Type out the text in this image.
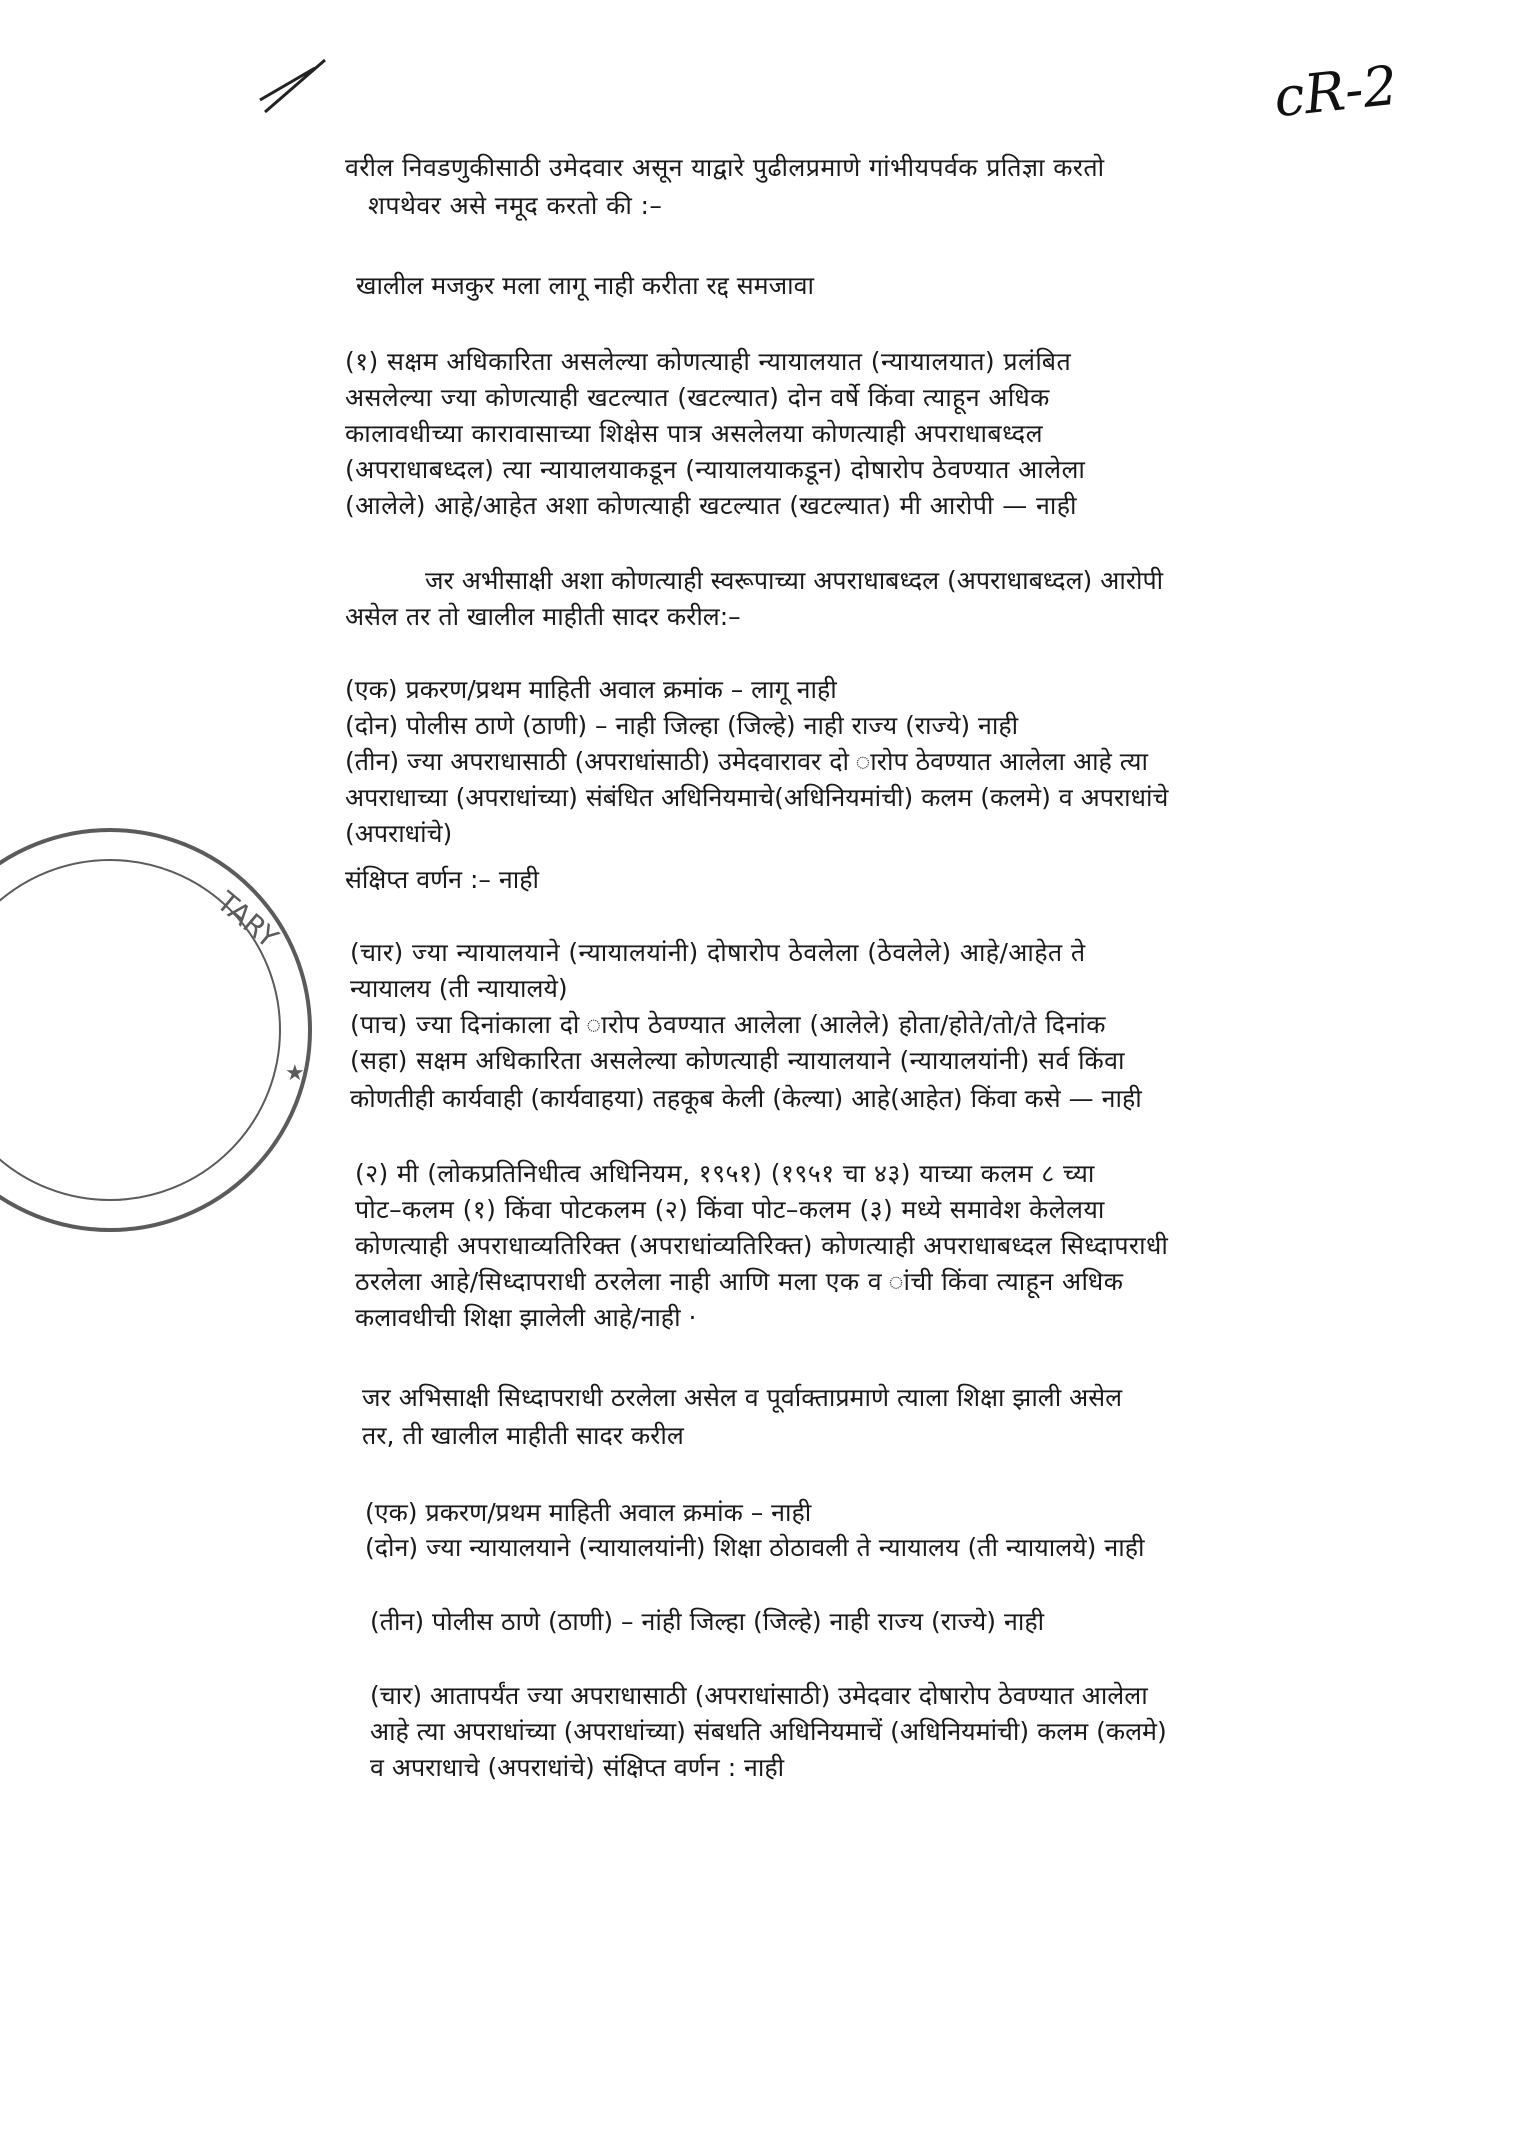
cR-2
TARY
★
वरील निवडणुकीसाठी उमेदवार असून याद्वारे पुढीलप्रमाणे गांभीयपर्वक प्रतिज्ञा करतो
शपथेवर असे नमूद करतो की :–
खालील मजकुर मला लागू नाही करीता रद्द समजावा
(१) सक्षम अधिकारिता असलेल्या कोणत्याही न्यायालयात (न्यायालयात) प्रलंबित
असलेल्या ज्या कोणत्याही खटल्यात (खटल्यात) दोन वर्षे किंवा त्याहून अधिक
कालावधीच्या कारावासाच्या शिक्षेस पात्र असलेलया कोणत्याही अपराधाबध्दल
(अपराधाबध्दल) त्या न्यायालयाकडून (न्यायालयाकडून) दोषारोप ठेवण्यात आलेला
(आलेले) आहे/आहेत अशा कोणत्याही खटल्यात (खटल्यात) मी आरोपी — नाही
जर अभीसाक्षी अशा कोणत्याही स्वरूपाच्या अपराधाबध्दल (अपराधाबध्दल) आरोपी
असेल तर तो खालील माहीती सादर करील:–
(एक) प्रकरण/प्रथम माहिती अवाल क्रमांक – लागू नाही
(दोन) पोलीस ठाणे (ठाणी) – नाही जिल्हा (जिल्हे) नाही राज्य (राज्ये) नाही
(तीन) ज्या अपराधासाठी (अपराधांसाठी) उमेदवारावर दो ारोप ठेवण्यात आलेला आहे त्या
अपराधाच्या (अपराधांच्या) संबंधित अधिनियमाचे(अधिनियमांची) कलम (कलमे) व अपराधांचे
(अपराधांचे)
संक्षिप्त वर्णन :– नाही
(चार) ज्या न्यायालयाने (न्यायालयांनी) दोषारोप ठेवलेला (ठेवलेले) आहे/आहेत ते
न्यायालय (ती न्यायालये)
(पाच) ज्या दिनांकाला दो ारोप ठेवण्यात आलेला (आलेले) होता/होते/तो/ते दिनांक
(सहा) सक्षम अधिकारिता असलेल्या कोणत्याही न्यायालयाने (न्यायालयांनी) सर्व किंवा
कोणतीही कार्यवाही (कार्यवाहया) तहकूब केली (केल्या) आहे(आहेत) किंवा कसे — नाही
(२) मी (लोकप्रतिनिधीत्व अधिनियम, १९५१) (१९५१ चा ४३) याच्या कलम ८ च्या
पोट–कलम (१) किंवा पोटकलम (२) किंवा पोट–कलम (३) मध्ये समावेश केलेलया
कोणत्याही अपराधाव्यतिरिक्त (अपराधांव्यतिरिक्त) कोणत्याही अपराधाबध्दल सिध्दापराधी
ठरलेला आहे/सिध्दापराधी ठरलेला नाही आणि मला एक व ांची किंवा त्याहून अधिक
कलावधीची शिक्षा झालेली आहे/नाही ·
जर अभिसाक्षी सिध्दापराधी ठरलेला असेल व पूर्वाक्ताप्रमाणे त्याला शिक्षा झाली असेल
तर, ती खालील माहीती सादर करील
(एक) प्रकरण/प्रथम माहिती अवाल क्रमांक – नाही
(दोन) ज्या न्यायालयाने (न्यायालयांनी) शिक्षा ठोठावली ते न्यायालय (ती न्यायालये) नाही
(तीन) पोलीस ठाणे (ठाणी) – नांही जिल्हा (जिल्हे) नाही राज्य (राज्ये) नाही
(चार) आतापर्यंत ज्या अपराधासाठी (अपराधांसाठी) उमेदवार दोषारोप ठेवण्यात आलेला
आहे त्या अपराधांच्या (अपराधांच्या) संबधति अधिनियमाचें (अधिनियमांची) कलम (कलमे)
व अपराधाचे (अपराधांचे) संक्षिप्त वर्णन : नाही
